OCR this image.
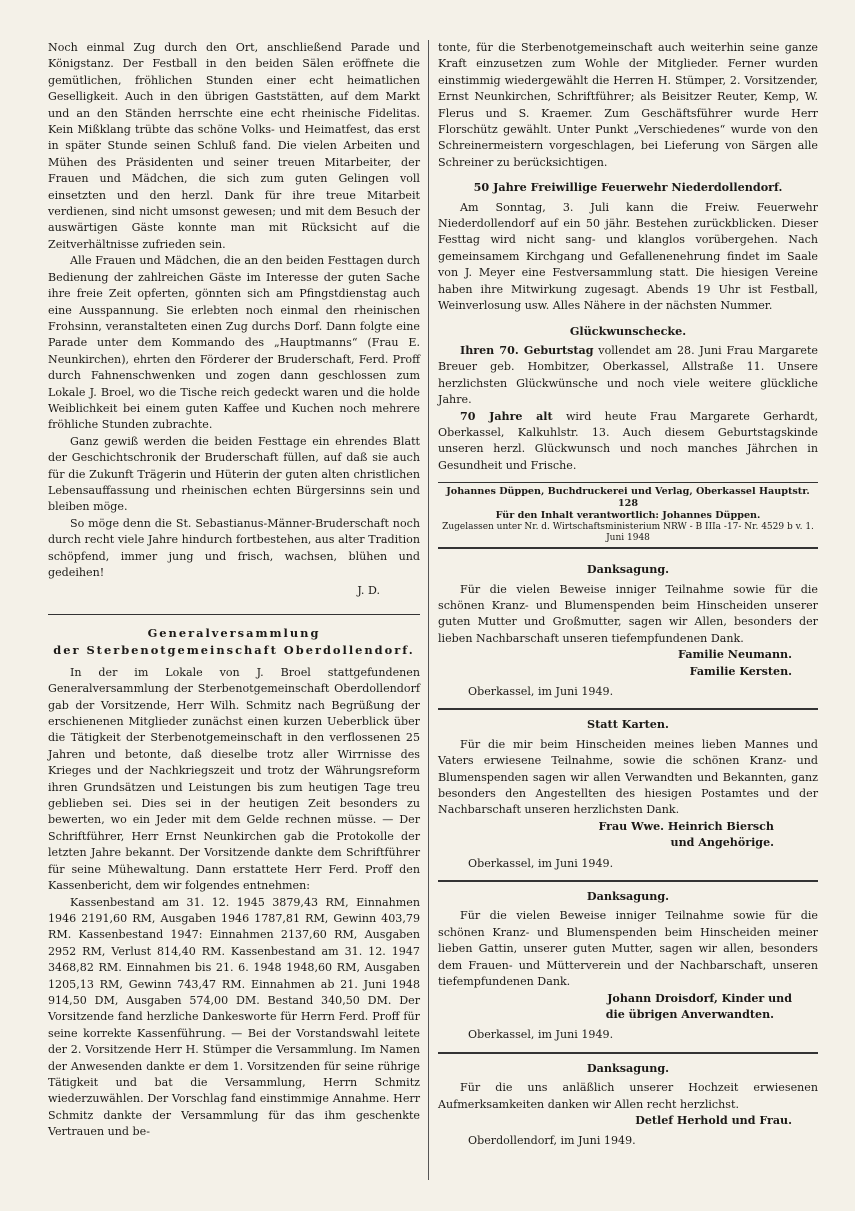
Noch einmal Zug durch den Ort, anschließend Parade und Königstanz. Der Festball in den beiden Sälen eröffnete die gemütlichen, fröhlichen Stunden einer echt heimatlichen Geselligkeit. Auch in den übrigen Gaststätten, auf dem Markt und an den Ständen herrschte eine echt rheinische Fidelitas. Kein Mißklang trübte das schöne Volks- und Heimatfest, das erst in später Stunde seinen Schluß fand. Die vielen Arbeiten und Mühen des Präsidenten und seiner treuen Mitarbeiter, der Frauen und Mädchen, die sich zum guten Gelingen voll einsetzten und den herzl. Dank für ihre treue Mitarbeit verdienen, sind nicht umsonst gewesen; und mit dem Besuch der auswärtigen Gäste konnte man mit Rücksicht auf die Zeitverhältnisse zufrieden sein.

Alle Frauen und Mädchen, die an den beiden Festtagen durch Bedienung der zahlreichen Gäste im Interesse der guten Sache ihre freie Zeit opferten, gönnten sich am Pfingstdienstag auch eine Ausspannung. Sie erlebten noch einmal den rheinischen Frohsinn, veranstalteten einen Zug durchs Dorf. Dann folgte eine Parade unter dem Kommando des „Hauptmanns“ (Frau E. Neunkirchen), ehrten den Förderer der Bruderschaft, Ferd. Proff durch Fahnenschwenken und zogen dann geschlossen zum Lokale J. Broel, wo die Tische reich gedeckt waren und die holde Weiblichkeit bei einem guten Kaffee und Kuchen noch mehrere fröhliche Stunden zubrachte.

Ganz gewiß werden die beiden Festtage ein ehrendes Blatt der Geschichtschronik der Bruderschaft füllen, auf daß sie auch für die Zukunft Trägerin und Hüterin der guten alten christlichen Lebensauffassung und rheinischen echten Bürgersinns sein und bleiben möge.

So möge denn die St. Sebastianus-Männer-Bruderschaft noch durch recht viele Jahre hindurch fortbestehen, aus alter Tradition schöpfend, immer jung und frisch, wachsen, blühen und gedeihen!

J. D.
Generalversammlung
der Sterbenotgemeinschaft Oberdollendorf.

In der im Lokale von J. Broel stattgefundenen Generalversammlung der Sterbenotgemeinschaft Oberdollendorf gab der Vorsitzende, Herr Wilh. Schmitz nach Begrüßung der erschienenen Mitglieder zunächst einen kurzen Ueberblick über die Tätigkeit der Sterbenotgemeinschaft in den verflossenen 25 Jahren und betonte, daß dieselbe trotz aller Wirrnisse des Krieges und der Nachkriegszeit und trotz der Währungsreform ihren Grundsätzen und Leistungen bis zum heutigen Tage treu geblieben sei. Dies sei in der heutigen Zeit besonders zu bewerten, wo ein Jeder mit dem Gelde rechnen müsse. — Der Schriftführer, Herr Ernst Neunkirchen gab die Protokolle der letzten Jahre bekannt. Der Vorsitzende dankte dem Schriftführer für seine Mühewaltung. Dann erstattete Herr Ferd. Proff den Kassenbericht, dem wir folgendes entnehmen:

Kassenbestand am 31. 12. 1945 3879,43 RM, Einnahmen 1946 2191,60 RM, Ausgaben 1946 1787,81 RM, Gewinn 403,79 RM. Kassenbestand 1947: Einnahmen 2137,60 RM, Ausgaben 2952 RM, Verlust 814,40 RM. Kassenbestand am 31. 12. 1947 3468,82 RM. Einnahmen bis 21. 6. 1948 1948,60 RM, Ausgaben 1205,13 RM, Gewinn 743,47 RM. Einnahmen ab 21. Juni 1948 914,50 DM, Ausgaben 574,00 DM. Bestand 340,50 DM. Der Vorsitzende fand herzliche Dankesworte für Herrn Ferd. Proff für seine korrekte Kassenführung. — Bei der Vorstandswahl leitete der 2. Vorsitzende Herr H. Stümper die Versammlung. Im Namen der Anwesenden dankte er dem 1. Vorsitzenden für seine rührige Tätigkeit und bat die Versammlung, Herrn Schmitz wiederzuwählen. Der Vorschlag fand einstimmige Annahme. Herr Schmitz dankte der Versammlung für das ihm geschenkte Vertrauen und be-

tonte, für die Sterbenotgemeinschaft auch weiterhin seine ganze Kraft einzusetzen zum Wohle der Mitglieder. Ferner wurden einstimmig wiedergewählt die Herren H. Stümper, 2. Vorsitzender, Ernst Neunkirchen, Schriftführer; als Beisitzer Reuter, Kemp, W. Flerus und S. Kraemer. Zum Geschäftsführer wurde Herr Florschütz gewählt. Unter Punkt „Verschiedenes“ wurde von den Schreinermeistern vorgeschlagen, bei Lieferung von Särgen alle Schreiner zu berücksichtigen.

50 Jahre Freiwillige Feuerwehr Niederdollendorf.

Am Sonntag, 3. Juli kann die Freiw. Feuerwehr Niederdollendorf auf ein 50 jähr. Bestehen zurückblicken. Dieser Festtag wird nicht sang- und klanglos vorübergehen. Nach gemeinsamem Kirchgang und Gefallenenehrung findet im Saale von J. Meyer eine Festversammlung statt. Die hiesigen Vereine haben ihre Mitwirkung zugesagt. Abends 19 Uhr ist Festball, Weinverlosung usw. Alles Nähere in der nächsten Nummer.

Glückwunschecke.

Ihren 70. Geburtstag vollendet am 28. Juni Frau Margarete Breuer geb. Hombitzer, Oberkassel, Allstraße 11. Unsere herzlichsten Glückwünsche und noch viele weitere glückliche Jahre.

70 Jahre alt wird heute Frau Margarete Gerhardt, Oberkassel, Kalkuhlstr. 13. Auch diesem Geburtstagskinde unseren herzl. Glückwunsch und noch manches Jährchen in Gesundheit und Frische.

Johannes Düppen, Buchdruckerei und Verlag, Oberkassel Hauptstr. 128
Für den Inhalt verantwortlich: Johannes Düppen.
Zugelassen unter Nr. d. Wirtschaftsministerium NRW - B IIIa -17- Nr. 4529 b v. 1. Juni 1948
Danksagung.

Für die vielen Beweise inniger Teilnahme sowie für die schönen Kranz- und Blumenspenden beim Hinscheiden unserer guten Mutter und Großmutter, sagen wir Allen, besonders der lieben Nachbarschaft unseren tiefempfundenen Dank.

Familie Neumann.
Familie Kersten.
Oberkassel, im Juni 1949.
Statt Karten.

Für die mir beim Hinscheiden meines lieben Mannes und Vaters erwiesene Teilnahme, sowie die schönen Kranz- und Blumenspenden sagen wir allen Verwandten und Bekannten, ganz besonders den Angestellten des hiesigen Postamtes und der Nachbarschaft unseren herzlichsten Dank.

Frau Wwe. Heinrich Biersch
und Angehörige.
Oberkassel, im Juni 1949.
Danksagung.

Für die vielen Beweise inniger Teilnahme sowie für die schönen Kranz- und Blumenspenden beim Hinscheiden meiner lieben Gattin, unserer guten Mutter, sagen wir allen, besonders dem Frauen- und Mütterverein und der Nachbarschaft, unseren tiefempfundenen Dank.

Johann Droisdorf, Kinder und
die übrigen Anverwandten.
Oberkassel, im Juni 1949.
Danksagung.

Für die uns anläßlich unserer Hochzeit erwiesenen Aufmerksamkeiten danken wir Allen recht herzlichst.

Detlef Herhold und Frau.
Oberdollendorf, im Juni 1949.
